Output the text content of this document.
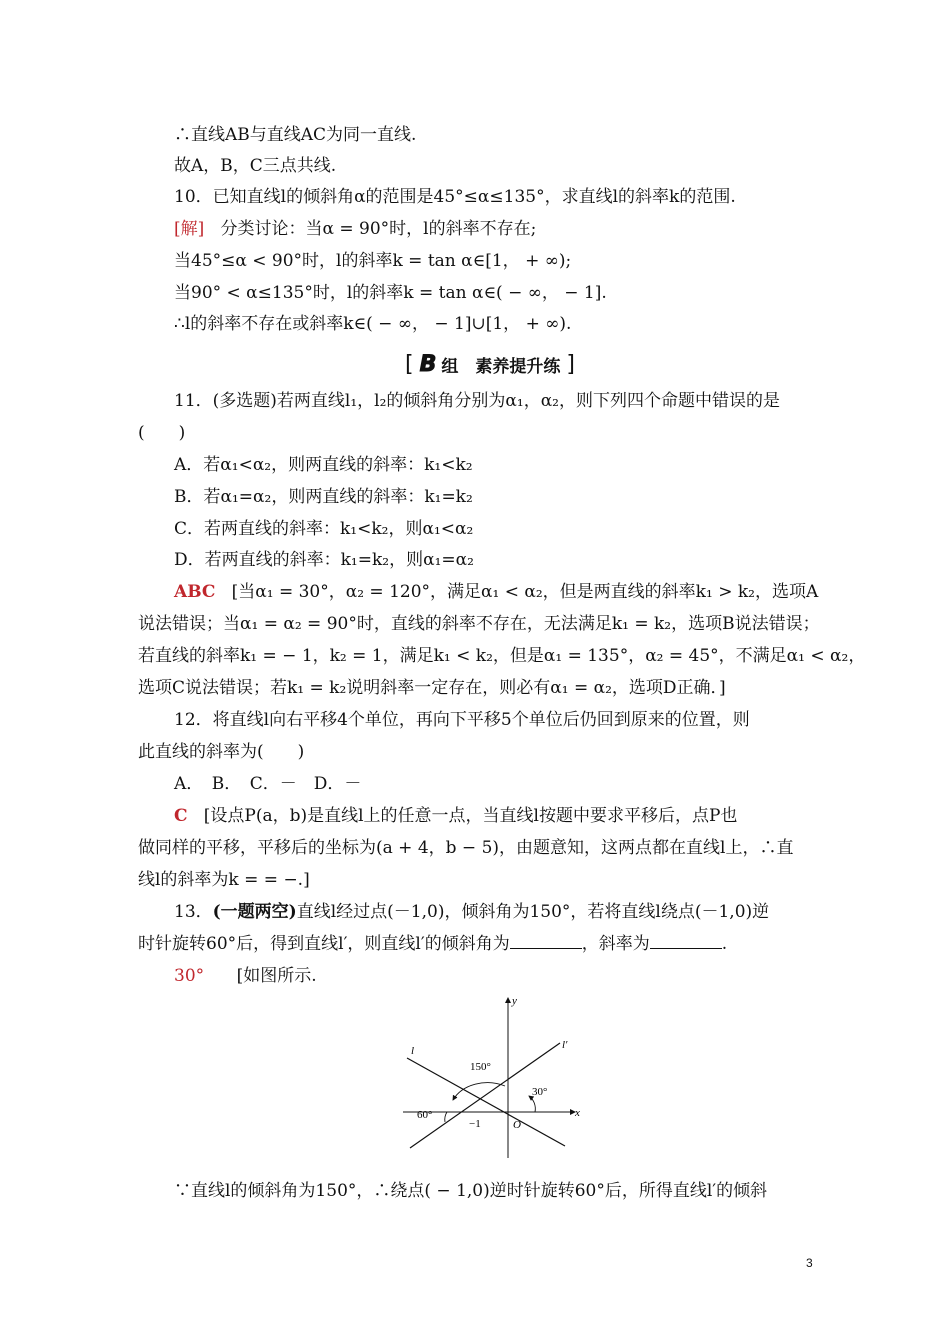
∴直线AB与直线AC为同一直线.
故A，B，C三点共线.
10．已知直线l的倾斜角α的范围是45°≤α≤135°，求直线l的斜率k的范围.
[解] 分类讨论：当α = 90°时，l的斜率不存在;
当45°≤α < 90°时，l的斜率k = tan α∈[1， + ∞);
当90° < α≤135°时，l的斜率k = tan α∈( − ∞， − 1].
∴l的斜率不存在或斜率k∈( − ∞， − 1]∪[1， + ∞).
[ B 组　素养提升练 ]
11．(多选题)若两直线l₁，l₂的倾斜角分别为α₁，α₂，则下列四个命题中错误的是
(　　)
A．若α₁<α₂，则两直线的斜率：k₁<k₂
B．若α₁=α₂，则两直线的斜率：k₁=k₂
C．若两直线的斜率：k₁<k₂，则α₁<α₂
D．若两直线的斜率：k₁=k₂，则α₁=α₂
ABC [当α₁ = 30°，α₂ = 120°，满足α₁ < α₂，但是两直线的斜率k₁ > k₂，选项A
说法错误；当α₁ = α₂ = 90°时，直线的斜率不存在，无法满足k₁ = k₂，选项B说法错误；
若直线的斜率k₁ = − 1，k₂ = 1，满足k₁ < k₂，但是α₁ = 135°，α₂ = 45°，不满足α₁ < α₂，
选项C说法错误；若k₁ = k₂说明斜率一定存在，则必有α₁ = α₂，选项D正确．]
12．将直线l向右平移4个单位，再向下平移5个单位后仍回到原来的位置，则
此直线的斜率为(　　)
A．　B．　C．－　D．－
C [设点P(a，b)是直线l上的任意一点，当直线l按题中要求平移后，点P也
做同样的平移，平移后的坐标为(a + 4，b − 5)，由题意知，这两点都在直线l上，∴直
线l的斜率为k = = −.]
13．(一题两空)直线l经过点(－1,0)，倾斜角为150°，若将直线l绕点(－1,0)逆
时针旋转60°后，得到直线l′，则直线l′的倾斜角为	，斜率为	.
30° [如图所示.
y
x
l	l′
150°
30°
60°
−1	O
∵直线l的倾斜角为150°，∴绕点( − 1,0)逆时针旋转60°后，所得直线l′的倾斜
3
